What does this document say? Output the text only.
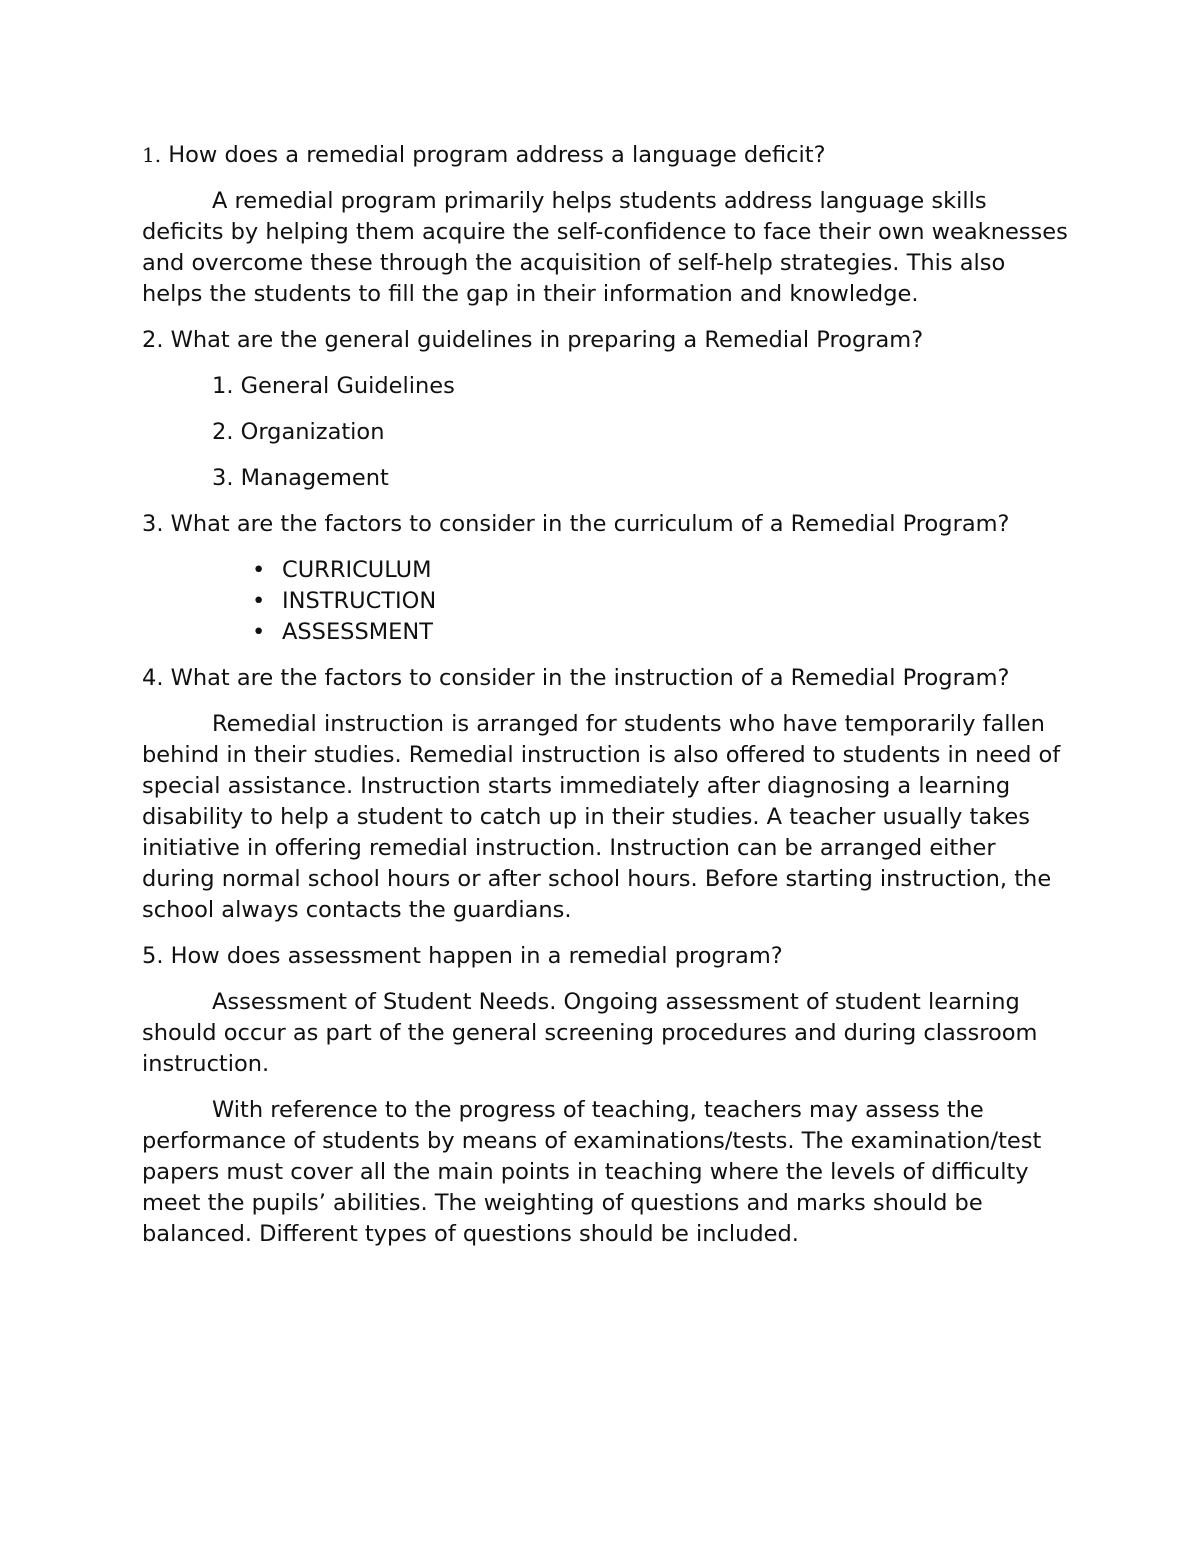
1. How does a remedial program address a language deficit?

A remedial program primarily helps students address language skills deficits by helping them acquire the self-confidence to face their own weaknesses and overcome these through the acquisition of self-help strategies. This also helps the students to fill the gap in their information and knowledge.

2. What are the general guidelines in preparing a Remedial Program?

1. General Guidelines
2. Organization
3. Management

3. What are the factors to consider in the curriculum of a Remedial Program?

• CURRICULUM
• INSTRUCTION
• ASSESSMENT

4. What are the factors to consider in the instruction of a Remedial Program?

Remedial instruction is arranged for students who have temporarily fallen behind in their studies. Remedial instruction is also offered to students in need of special assistance. Instruction starts immediately after diagnosing a learning disability to help a student to catch up in their studies. A teacher usually takes initiative in offering remedial instruction. Instruction can be arranged either during normal school hours or after school hours. Before starting instruction, the school always contacts the guardians.

5. How does assessment happen in a remedial program?

Assessment of Student Needs. Ongoing assessment of student learning should occur as part of the general screening procedures and during classroom instruction.

With reference to the progress of teaching, teachers may assess the performance of students by means of examinations/tests. The examination/test papers must cover all the main points in teaching where the levels of difficulty meet the pupils’ abilities. The weighting of questions and marks should be balanced. Different types of questions should be included.
